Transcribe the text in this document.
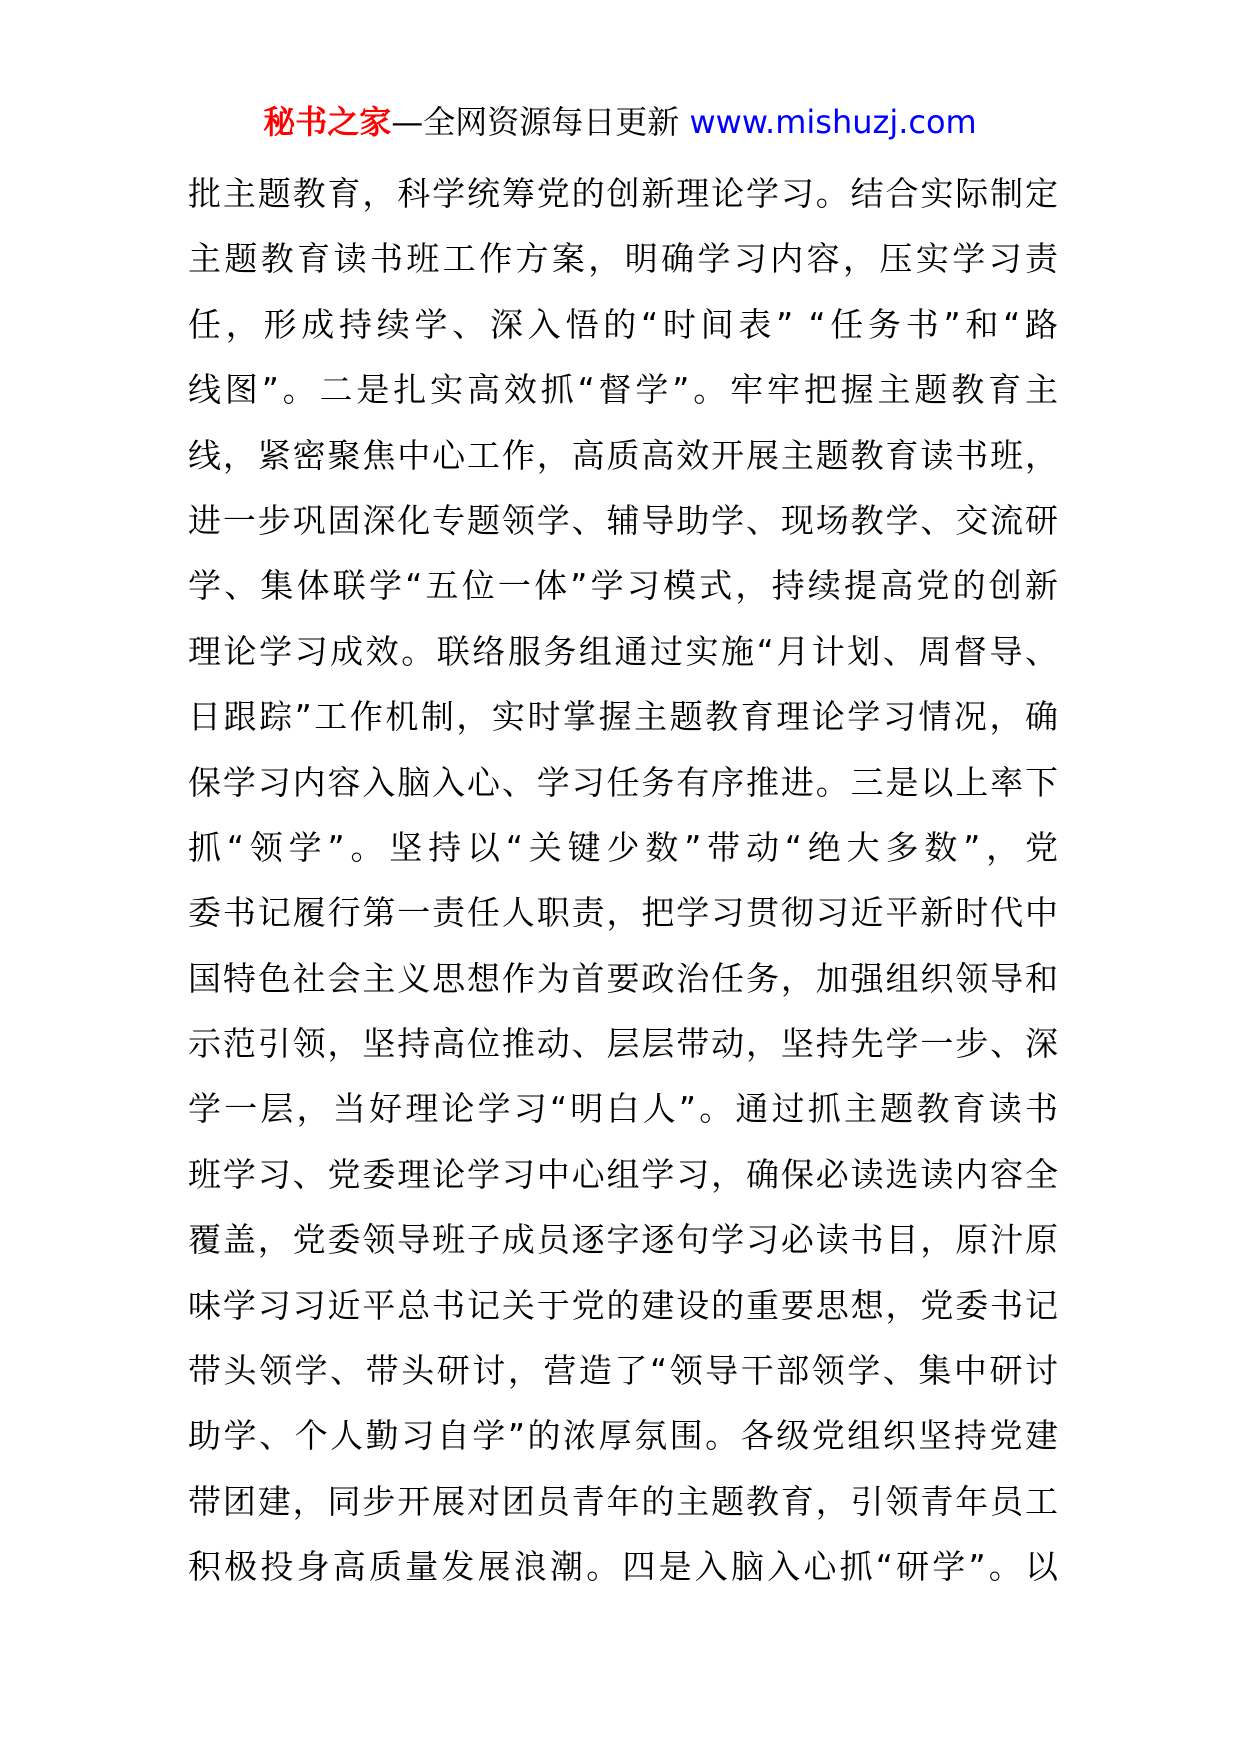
秘书之家—全网资源每日更新 www.mishuzj.com
批主题教育，科学统筹党的创新理论学习。结合实际制定
主题教育读书班工作方案，明确学习内容，压实学习责
任，形成持续学、深入悟的“时间表” “任务书”和“路
线图”。二是扎实高效抓“督学”。牢牢把握主题教育主
线，紧密聚焦中心工作，高质高效开展主题教育读书班，
进一步巩固深化专题领学、辅导助学、现场教学、交流研
学、集体联学“五位一体”学习模式，持续提高党的创新
理论学习成效。联络服务组通过实施“月计划、周督导、
日跟踪”工作机制，实时掌握主题教育理论学习情况，确
保学习内容入脑入心、学习任务有序推进。三是以上率下
抓“领学”。坚持以“关键少数”带动“绝大多数”，党
委书记履行第一责任人职责，把学习贯彻习近平新时代中
国特色社会主义思想作为首要政治任务，加强组织领导和
示范引领，坚持高位推动、层层带动，坚持先学一步、深
学一层，当好理论学习“明白人”。通过抓主题教育读书
班学习、党委理论学习中心组学习，确保必读选读内容全
覆盖，党委领导班子成员逐字逐句学习必读书目，原汁原
味学习习近平总书记关于党的建设的重要思想，党委书记
带头领学、带头研讨，营造了“领导干部领学、集中研讨
助学、个人勤习自学”的浓厚氛围。各级党组织坚持党建
带团建，同步开展对团员青年的主题教育，引领青年员工
积极投身高质量发展浪潮。四是入脑入心抓“研学”。以
